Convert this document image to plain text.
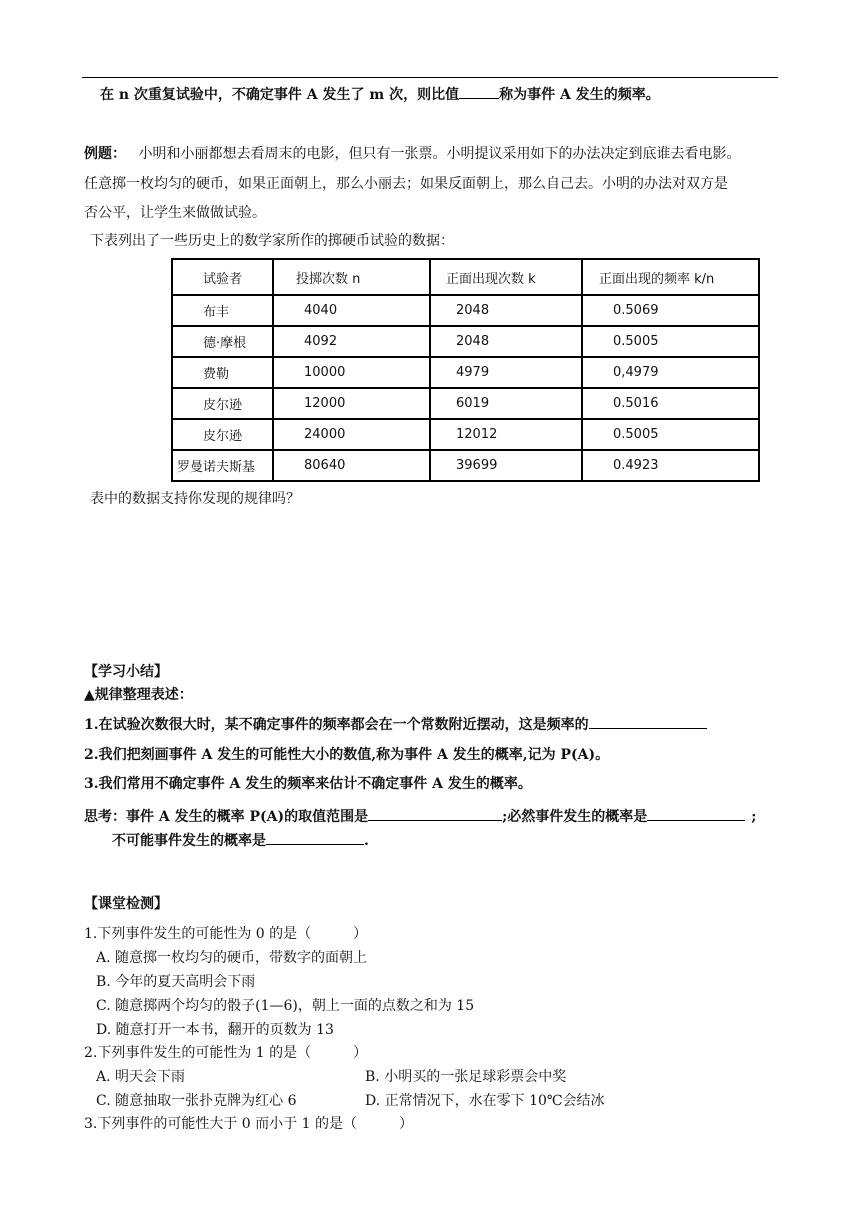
在 n 次重复试验中，不确定事件 A 发生了 m 次，则比值	称为事件 A 发生的频率。
例题： 小明和小丽都想去看周末的电影，但只有一张票。小明提议采用如下的办法决定到底谁去看电影。
任意掷一枚均匀的硬币，如果正面朝上，那么小丽去；如果反面朝上，那么自己去。小明的办法对双方是
否公平，让学生来做做试验。
下表列出了一些历史上的数学家所作的掷硬币试验的数据：
试验者	投掷次数 n	正面出现次数 k	正面出现的频率 k/n
布丰	4040	2048	0.5069
德·摩根	4092	2048	0.5005
费勒	10000	4979	0,4979
皮尔逊	12000	6019	0.5016
皮尔逊	24000	12012	0.5005
罗曼诺夫斯基	80640	39699	0.4923
表中的数据支持你发现的规律吗？
【学习小结】
▲规律整理表述：
1.在试验次数很大时，某不确定事件的频率都会在一个常数附近摆动，这是频率的
2.我们把刻画事件 A 发生的可能性大小的数值,称为事件 A 发生的概率,记为 P(A)。
3.我们常用不确定事件 A 发生的频率来估计不确定事件 A 发生的概率。
思考：事件 A 发生的概率 P(A)的取值范围是	;必然事件发生的概率是	;
不可能事件发生的概率是	.
【课堂检测】
1.下列事件发生的可能性为 0 的是（　　　）
A. 随意掷一枚均匀的硬币，带数字的面朝上
B. 今年的夏天高明会下雨
C. 随意掷两个均匀的骰子(1—6)，朝上一面的点数之和为 15
D. 随意打开一本书，翻开的页数为 13
2.下列事件发生的可能性为 1 的是（　　　）
A. 明天会下雨	B. 小明买的一张足球彩票会中奖
C. 随意抽取一张扑克牌为红心 6	D. 正常情况下，水在零下 10℃会结冰
3.下列事件的可能性大于 0 而小于 1 的是（　　　）
